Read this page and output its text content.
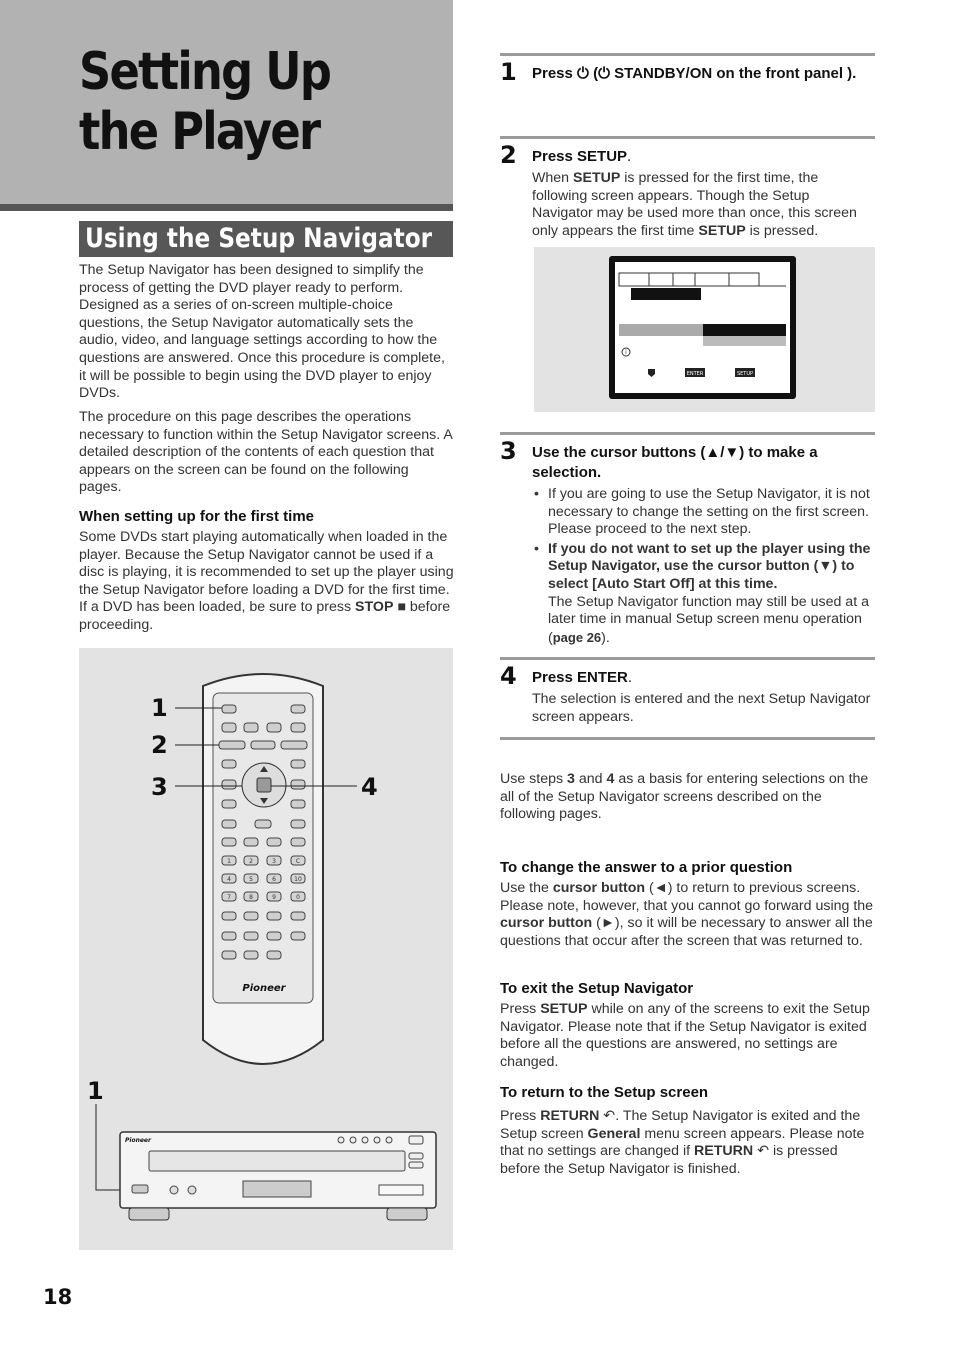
Setting Up the Player
Using the Setup Navigator

The Setup Navigator has been designed to simplify the process of getting the DVD player ready to perform. Designed as a series of on-screen multiple-choice questions, the Setup Navigator automatically sets the audio, video, and language settings according to how the questions are answered. Once this procedure is complete, it will be possible to begin using the DVD player to enjoy DVDs.

The procedure on this page describes the operations necessary to function within the Setup Navigator screens. A detailed description of the contents of each question that appears on the screen can be found on the following pages.

When setting up for the first time

Some DVDs start playing automatically when loaded in the player. Because the Setup Navigator cannot be used if a disc is playing, it is recommended to set up the player using the Setup Navigator before loading a DVD for the first time. If a DVD has been loaded, be sure to press STOP ■ before proceeding.

1	2	3	C
4	5	6	10
7	8	9	0
Pioneer
1
2
3	4
1
Pioneer
1 Press ⏻ (⏻ STANDBY/ON on the front panel ).
2 Press SETUP.
When SETUP is pressed for the first time, the following screen appears. Though the Setup Navigator may be used more than once, this screen only appears the first time SETUP is pressed.
i
ENTER	SETUP
3 Use the cursor buttons (▲/▼) to make a selection.
• If you are going to use the Setup Navigator, it is not necessary to change the setting on the first screen. Please proceed to the next step.
• If you do not want to set up the player using the Setup Navigator, use the cursor button (▼) to select [Auto Start Off] at this time.
The Setup Navigator function may still be used at a later time in manual Setup screen menu operation (page 26).
4 Press ENTER.
The selection is entered and the next Setup Navigator screen appears.

Use steps 3 and 4 as a basis for entering selections on the all of the Setup Navigator screens described on the following pages.

To change the answer to a prior question

Use the cursor button (◄) to return to previous screens. Please note, however, that you cannot go forward using the cursor button (►), so it will be necessary to answer all the questions that occur after the screen that was returned to.

To exit the Setup Navigator

Press SETUP while on any of the screens to exit the Setup Navigator. Please note that if the Setup Navigator is exited before all the questions are answered, no settings are changed.

To return to the Setup screen

Press RETURN ↶. The Setup Navigator is exited and the Setup screen General menu screen appears. Please note that no settings are changed if RETURN ↶ is pressed before the Setup Navigator is finished.

18
